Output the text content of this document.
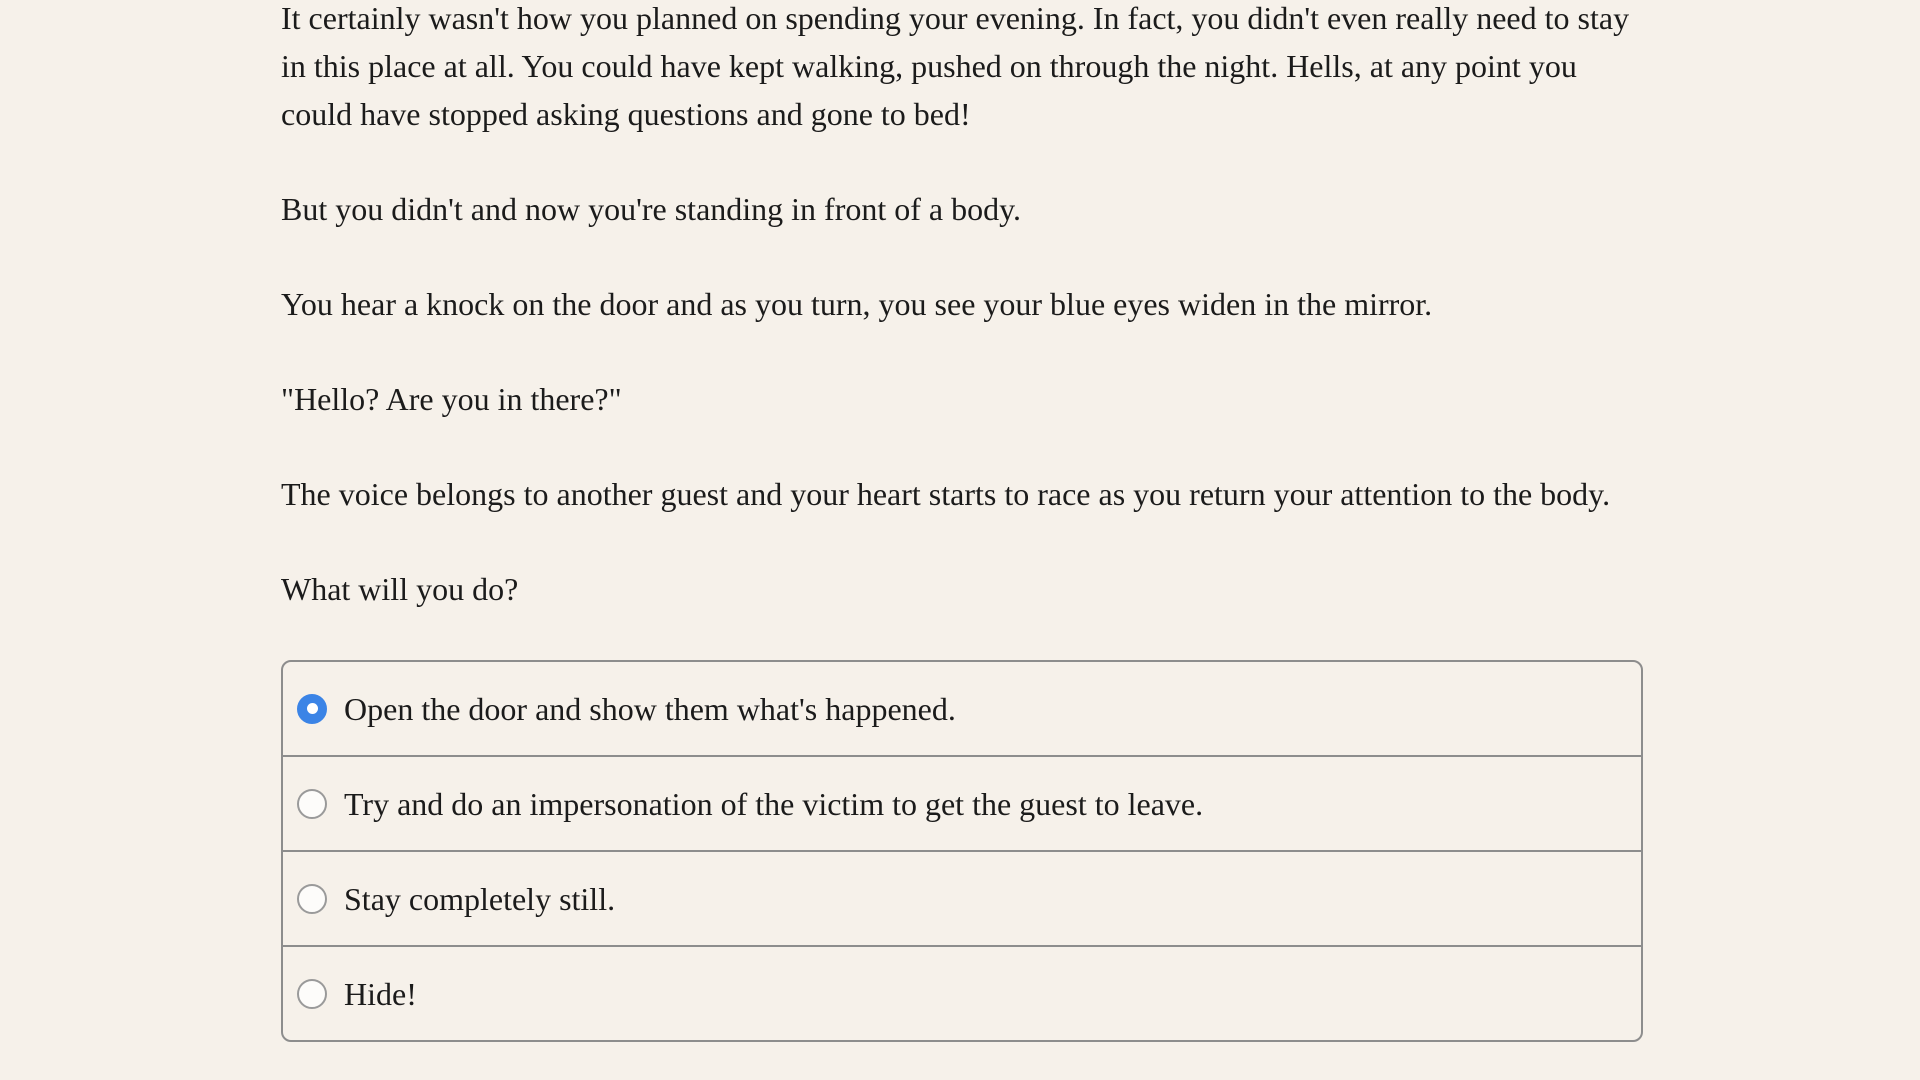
It certainly wasn't how you planned on spending your evening. In fact, you didn't even really need to stay in this place at all. You could have kept walking, pushed on through the night. Hells, at any point you could have stopped asking questions and gone to bed!

But you didn't and now you're standing in front of a body.

You hear a knock on the door and as you turn, you see your blue eyes widen in the mirror.

"Hello? Are you in there?"

The voice belongs to another guest and your heart starts to race as you return your attention to the body.

What will you do?

Open the door and show them what's happened.
Try and do an impersonation of the victim to get the guest to leave.
Stay completely still.
Hide!
